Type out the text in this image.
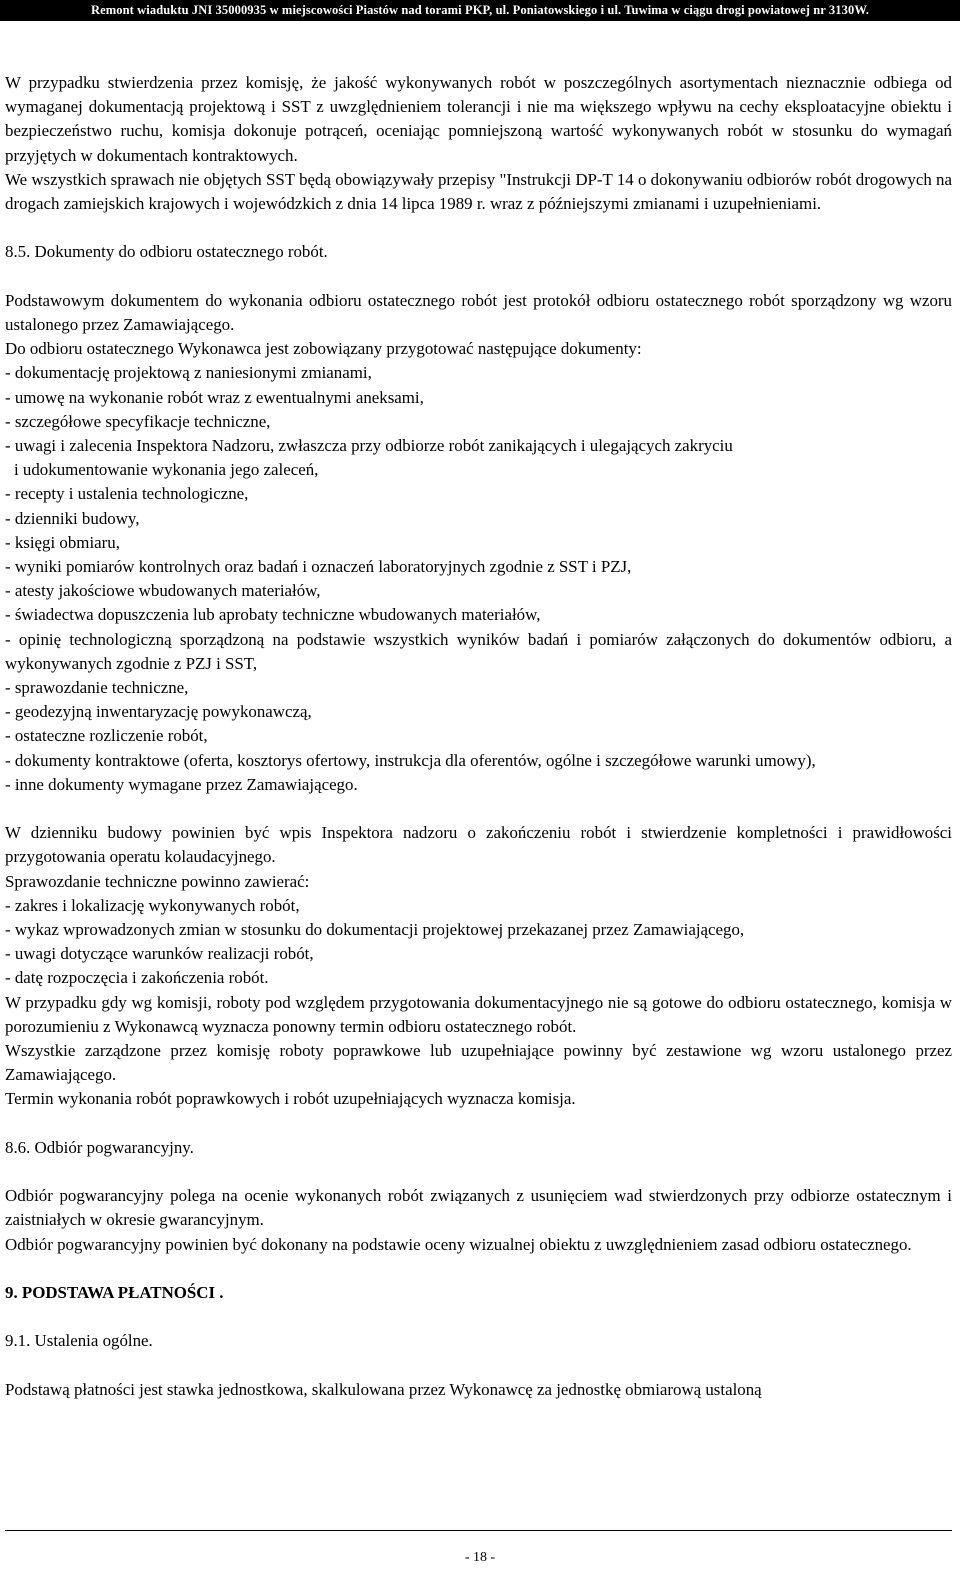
Remont wiaduktu JNI 35000935 w miejscowości Piastów nad torami PKP, ul. Poniatowskiego i ul. Tuwima w ciągu drogi powiatowej nr 3130W.

W przypadku stwierdzenia przez komisję, że jakość wykonywanych robót w poszczególnych asortymentach nieznacznie odbiega od wymaganej dokumentacją projektową i SST z uwzględnieniem tolerancji i nie ma większego wpływu na cechy eksploatacyjne obiektu i bezpieczeństwo ruchu, komisja dokonuje potrąceń, oceniając pomniejszoną wartość wykonywanych robót w stosunku do wymagań przyjętych w dokumentach kontraktowych.

We wszystkich sprawach nie objętych SST będą obowiązywały przepisy "Instrukcji DP-T 14 o dokonywaniu odbiorów robót drogowych na drogach zamiejskich krajowych i wojewódzkich z dnia 14 lipca 1989 r. wraz z późniejszymi zmianami i uzupełnieniami.

8.5. Dokumenty do odbioru ostatecznego robót.

Podstawowym dokumentem do wykonania odbioru ostatecznego robót jest protokół odbioru ostatecznego robót sporządzony wg wzoru ustalonego przez Zamawiającego.

Do odbioru ostatecznego Wykonawca jest zobowiązany przygotować następujące dokumenty:

- dokumentację projektową z naniesionymi zmianami,

- umowę na wykonanie robót wraz z ewentualnymi aneksami,

- szczegółowe specyfikacje techniczne,

- uwagi i zalecenia Inspektora Nadzoru, zwłaszcza przy odbiorze robót zanikających i ulegających zakryciu

i udokumentowanie wykonania jego zaleceń,

- recepty i ustalenia technologiczne,

- dzienniki budowy,

- księgi obmiaru,

- wyniki pomiarów kontrolnych oraz badań i oznaczeń laboratoryjnych zgodnie z SST i PZJ,

- atesty jakościowe wbudowanych materiałów,

- świadectwa dopuszczenia lub aprobaty techniczne wbudowanych materiałów,

- opinię technologiczną sporządzoną na podstawie wszystkich wyników badań i pomiarów załączonych do dokumentów odbioru, a wykonywanych zgodnie z PZJ i SST,

- sprawozdanie techniczne,

- geodezyjną inwentaryzację powykonawczą,

- ostateczne rozliczenie robót,

- dokumenty kontraktowe (oferta, kosztorys ofertowy, instrukcja dla oferentów, ogólne i szczegółowe warunki umowy),

- inne dokumenty wymagane przez Zamawiającego.

W dzienniku budowy powinien być wpis Inspektora nadzoru o zakończeniu robót i stwierdzenie kompletności i prawidłowości przygotowania operatu kolaudacyjnego.

Sprawozdanie techniczne powinno zawierać:

- zakres i lokalizację wykonywanych robót,

- wykaz wprowadzonych zmian w stosunku do dokumentacji projektowej przekazanej przez Zamawiającego,

- uwagi dotyczące warunków realizacji robót,

- datę rozpoczęcia i zakończenia robót.

W przypadku gdy wg komisji, roboty pod względem przygotowania dokumentacyjnego nie są gotowe do odbioru ostatecznego, komisja w porozumieniu z Wykonawcą wyznacza ponowny termin odbioru ostatecznego robót.

Wszystkie zarządzone przez komisję roboty poprawkowe lub uzupełniające powinny być zestawione wg wzoru ustalonego przez Zamawiającego.

Termin wykonania robót poprawkowych i robót uzupełniających wyznacza komisja.

8.6. Odbiór pogwarancyjny.

Odbiór pogwarancyjny polega na ocenie wykonanych robót związanych z usunięciem wad stwierdzonych przy odbiorze ostatecznym i zaistniałych w okresie gwarancyjnym.

Odbiór pogwarancyjny powinien być dokonany na podstawie oceny wizualnej obiektu z uwzględnieniem zasad odbioru ostatecznego.

9. PODSTAWA PŁATNOŚCI .

9.1. Ustalenia ogólne.

Podstawą płatności jest stawka jednostkowa, skalkulowana przez Wykonawcę za jednostkę obmiarową ustaloną

- 18 -
